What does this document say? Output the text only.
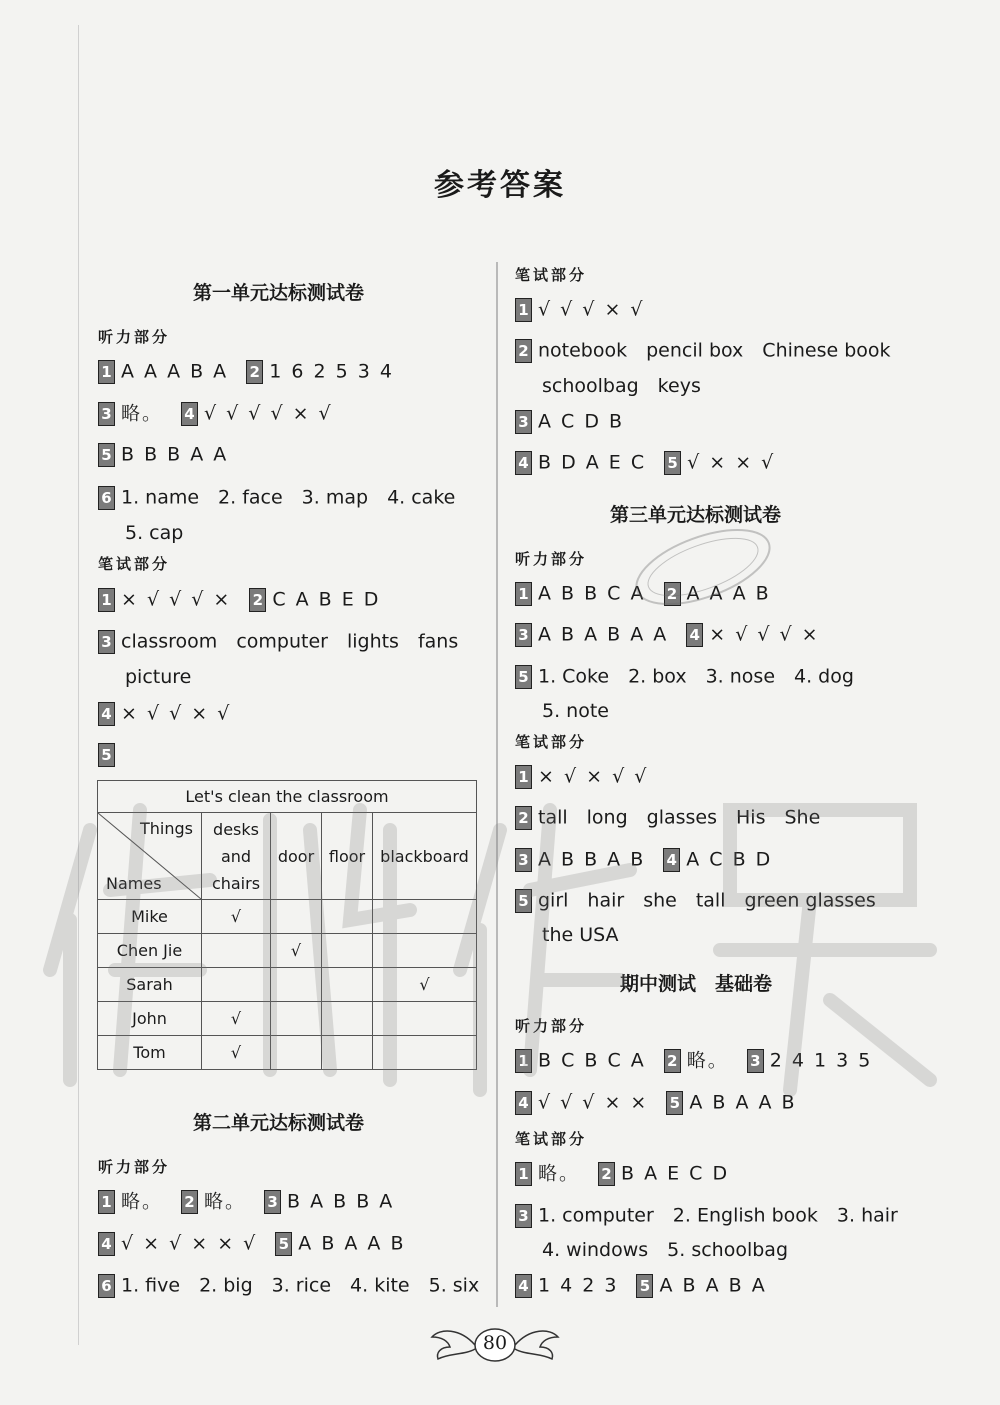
参考答案
第一单元达标测试卷
听力部分
1 A A A B A 2 1 6 2 5 3 4
3 略。 4 √ √ √ √ × √
5 B B B A A
6 1. name　2. face　3. map　4. cake
5. cap
笔试部分
1 × √ √ √ × 2 C A B E D
3 classroom　computer　lights　fans
picture
4 × √ √ × √
5
第二单元达标测试卷
听力部分
1 略。 2 略。 3 B A B B A
4 √ × √ × × √ 5 A B A A B
6 1. five　2. big　3. rice　4. kite　5. six
Let's clean the classroom				

Things
Names	desks and chairs	door	floor	blackboard
Mike	√			
Chen Jie		√		
Sarah				√
John	√			
Tom	√			
笔试部分
1 √ √ √ × √
2 notebook　pencil box　Chinese book
schoolbag　keys
3 A C D B
4 B D A E C 5 √ × × √
第三单元达标测试卷
听力部分
1 A B B C A 2 A A A B
3 A B A B A A 4 × √ √ √ ×
5 1. Coke　2. box　3. nose　4. dog
5. note
笔试部分
1 × √ × √ √
2 tall　long　glasses　His　She
3 A B B A B 4 A C B D
5 girl　hair　she　tall　green glasses
the USA
期中测试　基础卷
听力部分
1 B C B C A 2 略。 3 2 4 1 3 5
4 √ √ √ × × 5 A B A A B
笔试部分
1 略。 2 B A E C D
3 1. computer　2. English book　3. hair
4. windows　5. schoolbag
4 1 4 2 3 5 A B A B A
80
